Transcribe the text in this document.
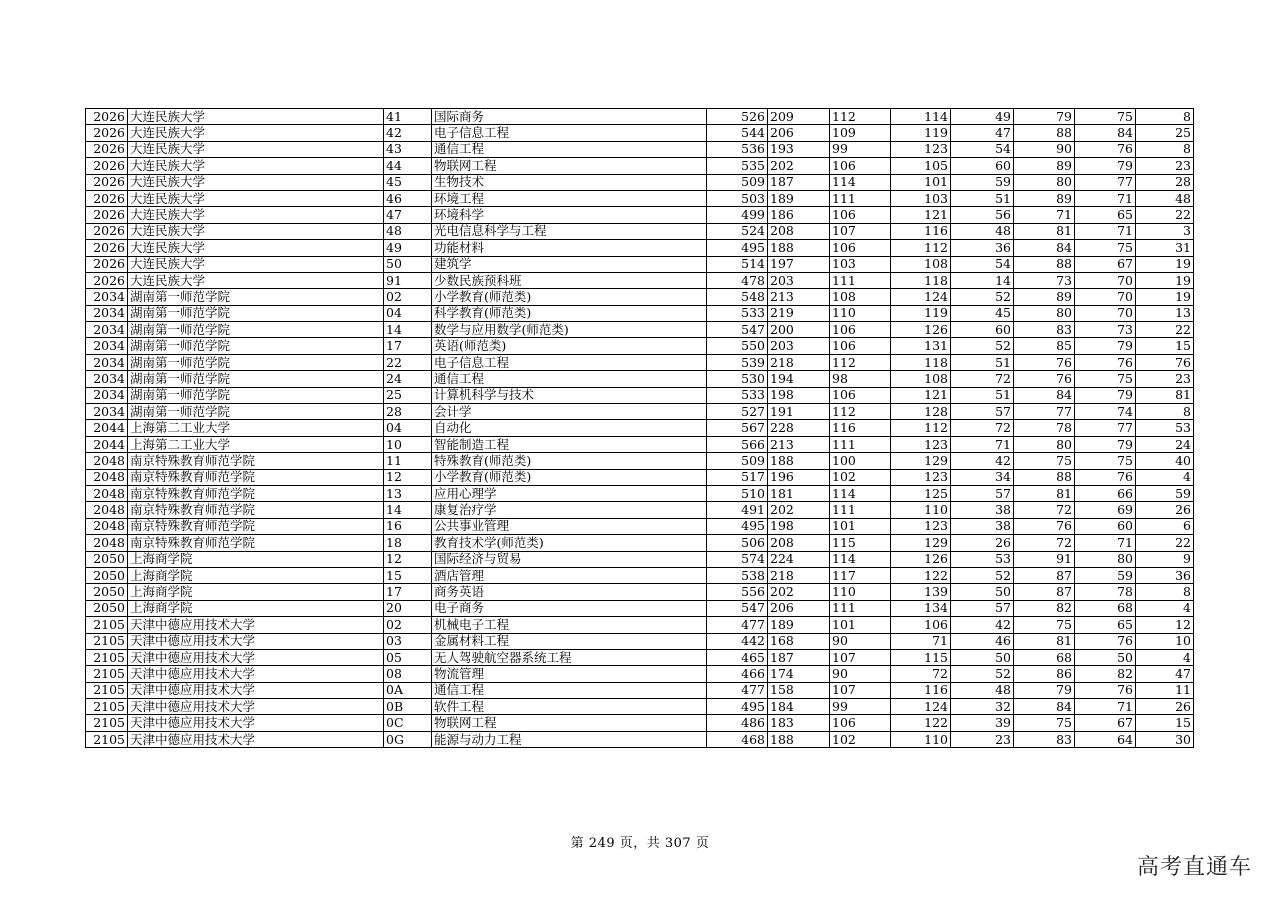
2026	大连民族大学	41	国际商务	526	209	112	114	49	79	75	8
2026	大连民族大学	42	电子信息工程	544	206	109	119	47	88	84	25
2026	大连民族大学	43	通信工程	536	193	99	123	54	90	76	8
2026	大连民族大学	44	物联网工程	535	202	106	105	60	89	79	23
2026	大连民族大学	45	生物技术	509	187	114	101	59	80	77	28
2026	大连民族大学	46	环境工程	503	189	111	103	51	89	71	48
2026	大连民族大学	47	环境科学	499	186	106	121	56	71	65	22
2026	大连民族大学	48	光电信息科学与工程	524	208	107	116	48	81	71	3
2026	大连民族大学	49	功能材料	495	188	106	112	36	84	75	31
2026	大连民族大学	50	建筑学	514	197	103	108	54	88	67	19
2026	大连民族大学	91	少数民族预科班	478	203	111	118	14	73	70	19
2034	湖南第一师范学院	02	小学教育(师范类)	548	213	108	124	52	89	70	19
2034	湖南第一师范学院	04	科学教育(师范类)	533	219	110	119	45	80	70	13
2034	湖南第一师范学院	14	数学与应用数学(师范类)	547	200	106	126	60	83	73	22
2034	湖南第一师范学院	17	英语(师范类)	550	203	106	131	52	85	79	15
2034	湖南第一师范学院	22	电子信息工程	539	218	112	118	51	76	76	76
2034	湖南第一师范学院	24	通信工程	530	194	98	108	72	76	75	23
2034	湖南第一师范学院	25	计算机科学与技术	533	198	106	121	51	84	79	81
2034	湖南第一师范学院	28	会计学	527	191	112	128	57	77	74	8
2044	上海第二工业大学	04	自动化	567	228	116	112	72	78	77	53
2044	上海第二工业大学	10	智能制造工程	566	213	111	123	71	80	79	24
2048	南京特殊教育师范学院	11	特殊教育(师范类)	509	188	100	129	42	75	75	40
2048	南京特殊教育师范学院	12	小学教育(师范类)	517	196	102	123	34	88	76	4
2048	南京特殊教育师范学院	13	应用心理学	510	181	114	125	57	81	66	59
2048	南京特殊教育师范学院	14	康复治疗学	491	202	111	110	38	72	69	26
2048	南京特殊教育师范学院	16	公共事业管理	495	198	101	123	38	76	60	6
2048	南京特殊教育师范学院	18	教育技术学(师范类)	506	208	115	129	26	72	71	22
2050	上海商学院	12	国际经济与贸易	574	224	114	126	53	91	80	9
2050	上海商学院	15	酒店管理	538	218	117	122	52	87	59	36
2050	上海商学院	17	商务英语	556	202	110	139	50	87	78	8
2050	上海商学院	20	电子商务	547	206	111	134	57	82	68	4
2105	天津中德应用技术大学	02	机械电子工程	477	189	101	106	42	75	65	12
2105	天津中德应用技术大学	03	金属材料工程	442	168	90	71	46	81	76	10
2105	天津中德应用技术大学	05	无人驾驶航空器系统工程	465	187	107	115	50	68	50	4
2105	天津中德应用技术大学	08	物流管理	466	174	90	72	52	86	82	47
2105	天津中德应用技术大学	0A	通信工程	477	158	107	116	48	79	76	11
2105	天津中德应用技术大学	0B	软件工程	495	184	99	124	32	84	71	26
2105	天津中德应用技术大学	0C	物联网工程	486	183	106	122	39	75	67	15
2105	天津中德应用技术大学	0G	能源与动力工程	468	188	102	110	23	83	64	30
第 249 页，共 307 页
高考直通车
